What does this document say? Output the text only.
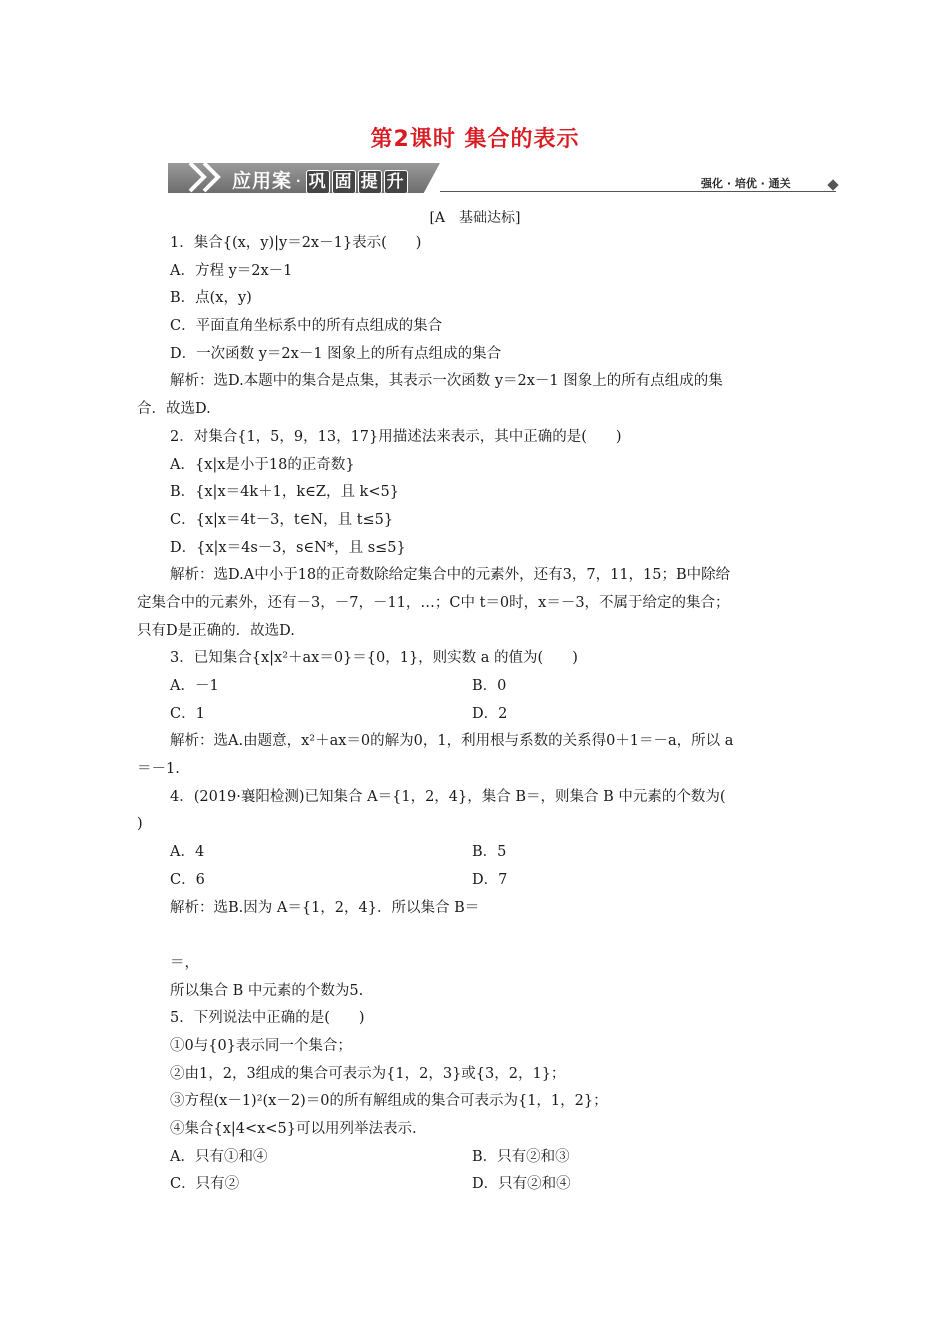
第2课时 集合的表示
应用案 · 巩 固 提 升	强化 · 培优 · 通关
[A　基础达标]
1．集合{(x，y)|y＝2x－1}表示(　　)
A．方程 y＝2x－1
B．点(x，y)
C．平面直角坐标系中的所有点组成的集合
D．一次函数 y＝2x－1 图象上的所有点组成的集合
解析：选D.本题中的集合是点集，其表示一次函数 y＝2x－1 图象上的所有点组成的集
合．故选D.
2．对集合{1，5，9，13，17}用描述法来表示，其中正确的是(　　)
A．{x|x是小于18的正奇数}
B．{x|x＝4k＋1，k∈Z，且 k<5}
C．{x|x＝4t－3，t∈N，且 t≤5}
D．{x|x＝4s－3，s∈N*，且 s≤5}
解析：选D.A中小于18的正奇数除给定集合中的元素外，还有3，7，11，15；B中除给
定集合中的元素外，还有－3，－7，－11，…；C中 t＝0时，x＝－3，不属于给定的集合；
只有D是正确的．故选D.
3．已知集合{x|x²＋ax＝0}＝{0，1}，则实数 a 的值为(　　)
A．－1	B．0
C．1	D．2
解析：选A.由题意，x²＋ax＝0的解为0，1，利用根与系数的关系得0＋1＝－a，所以 a
＝－1.
4．(2019·襄阳检测)已知集合 A＝{1，2，4}，集合 B＝，则集合 B 中元素的个数为(
)
A．4	B．5
C．6	D．7
解析：选B.因为 A＝{1，2，4}．所以集合 B＝
＝，
所以集合 B 中元素的个数为5.
5．下列说法中正确的是(　　)
①0与{0}表示同一个集合；
②由1，2，3组成的集合可表示为{1，2，3}或{3，2，1}；
③方程(x－1)²(x－2)＝0的所有解组成的集合可表示为{1，1，2}；
④集合{x|4<x<5}可以用列举法表示.
A．只有①和④	B．只有②和③
C．只有②	D．只有②和④
